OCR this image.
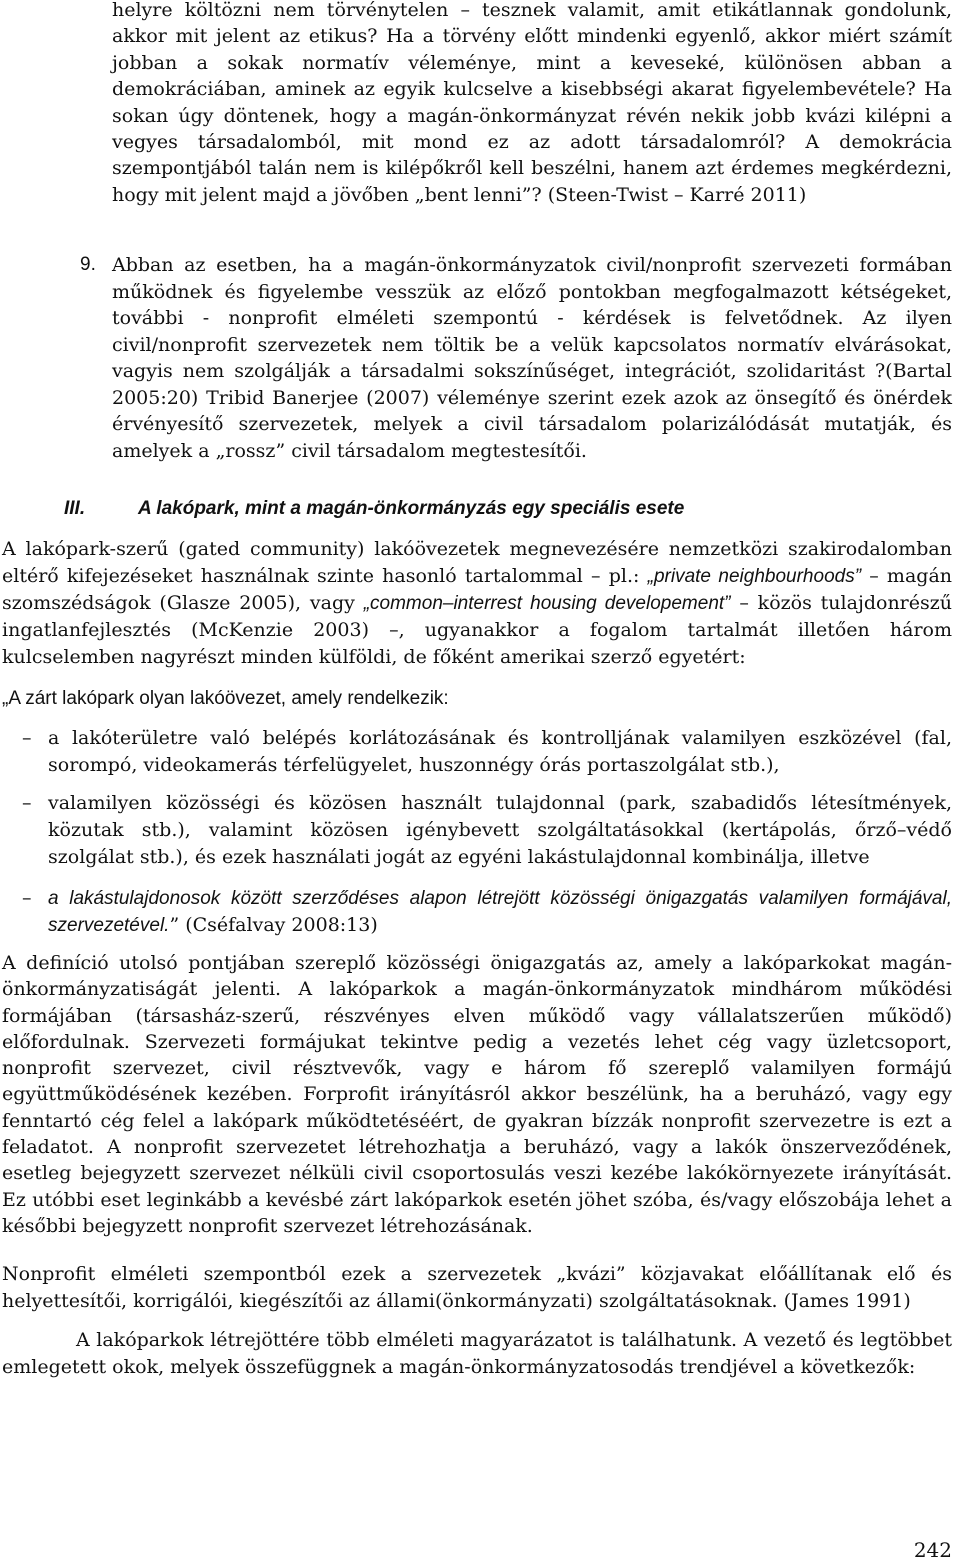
helyre költözni nem törvénytelen – tesznek valamit, amit etikátlannak gondolunk, akkor mit jelent az etikus? Ha a törvény előtt mindenki egyenlő, akkor miért számít jobban a sokak normatív véleménye, mint a keveseké, különösen abban a demokráciában, aminek az egyik kulcselve a kisebbségi akarat figyelembevétele? Ha sokan úgy döntenek, hogy a magán-önkormányzat révén nekik jobb kvázi kilépni a vegyes társadalomból, mit mond ez az adott társadalomról? A demokrácia szempontjából talán nem is kilépőkről kell beszélni, hanem azt érdemes megkérdezni, hogy mit jelent majd a jövőben „bent lenni”? (Steen-Twist – Karré 2011)

9. Abban az esetben, ha a magán-önkormányzatok civil/nonprofit szervezeti formában működnek és figyelembe vesszük az előző pontokban megfogalmazott kétségeket, további - nonprofit elméleti szempontú - kérdések is felvetődnek. Az ilyen civil/nonprofit szervezetek nem töltik be a velük kapcsolatos normatív elvárásokat, vagyis nem szolgálják a társadalmi sokszínűséget, integrációt, szolidaritást ?(Bartal 2005:20) Tribid Banerjee (2007) véleménye szerint ezek azok az önsegítő és önérdek érvényesítő szervezetek, melyek a civil társadalom polarizálódását mutatják, és amelyek a „rossz” civil társadalom megtestesítői.

III.	A lakópark, mint a magán-önkormányzás egy speciális esete

A lakópark-szerű (gated community) lakóövezetek megnevezésére nemzetközi szakirodalomban eltérő kifejezéseket használnak szinte hasonló tartalommal – pl.: „private neighbourhoods” – magán szomszédságok (Glasze 2005), vagy „common–interrest housing developement” – közös tulajdonrészű ingatlanfejlesztés (McKenzie 2003) –, ugyanakkor a fogalom tartalmát illetően három kulcselemben nagyrészt minden külföldi, de főként amerikai szerző egyetért:

„A zárt lakópark olyan lakóövezet, amely rendelkezik:

– a lakóterületre való belépés korlátozásának és kontrolljának valamilyen eszközével (fal, sorompó, videokamerás térfelügyelet, huszonnégy órás portaszolgálat stb.),

– valamilyen közösségi és közösen használt tulajdonnal (park, szabadidős létesítmények, közutak stb.), valamint közösen igénybevett szolgáltatásokkal (kertápolás, őrző–védő szolgálat stb.), és ezek használati jogát az egyéni lakástulajdonnal kombinálja, illetve

– a lakástulajdonosok között szerződéses alapon létrejött közösségi önigazgatás valamilyen formájával, szervezetével.” (Cséfalvay 2008:13)

A definíció utolsó pontjában szereplő közösségi önigazgatás az, amely a lakóparkokat magán-önkormányzatiságát jelenti. A lakóparkok a magán-önkormányzatok mindhárom működési formájában (társasház-szerű, részvényes elven működő vagy vállalatszerűen működő) előfordulnak. Szervezeti formájukat tekintve pedig a vezetés lehet cég vagy üzletcsoport, nonprofit szervezet, civil résztvevők, vagy e három fő szereplő valamilyen formájú együttműködésének kezében. Forprofit irányításról akkor beszélünk, ha a beruházó, vagy egy fenntartó cég felel a lakópark működtetéséért, de gyakran bízzák nonprofit szervezetre is ezt a feladatot. A nonprofit szervezetet létrehozhatja a beruházó, vagy a lakók önszerveződének, esetleg bejegyzett szervezet nélküli civil csoportosulás veszi kezébe lakókörnyezete irányítását. Ez utóbbi eset leginkább a kevésbé zárt lakóparkok esetén jöhet szóba, és/vagy előszobája lehet a későbbi bejegyzett nonprofit szervezet létrehozásának.

Nonprofit elméleti szempontból ezek a szervezetek „kvázi” közjavakat előállítanak elő és helyettesítői, korrigálói, kiegészítői az állami(önkormányzati) szolgáltatásoknak. (James 1991)

A lakóparkok létrejöttére több elméleti magyarázatot is találhatunk. A vezető és legtöbbet emlegetett okok, melyek összefüggnek a magán-önkormányzatosodás trendjével a következők:

242
